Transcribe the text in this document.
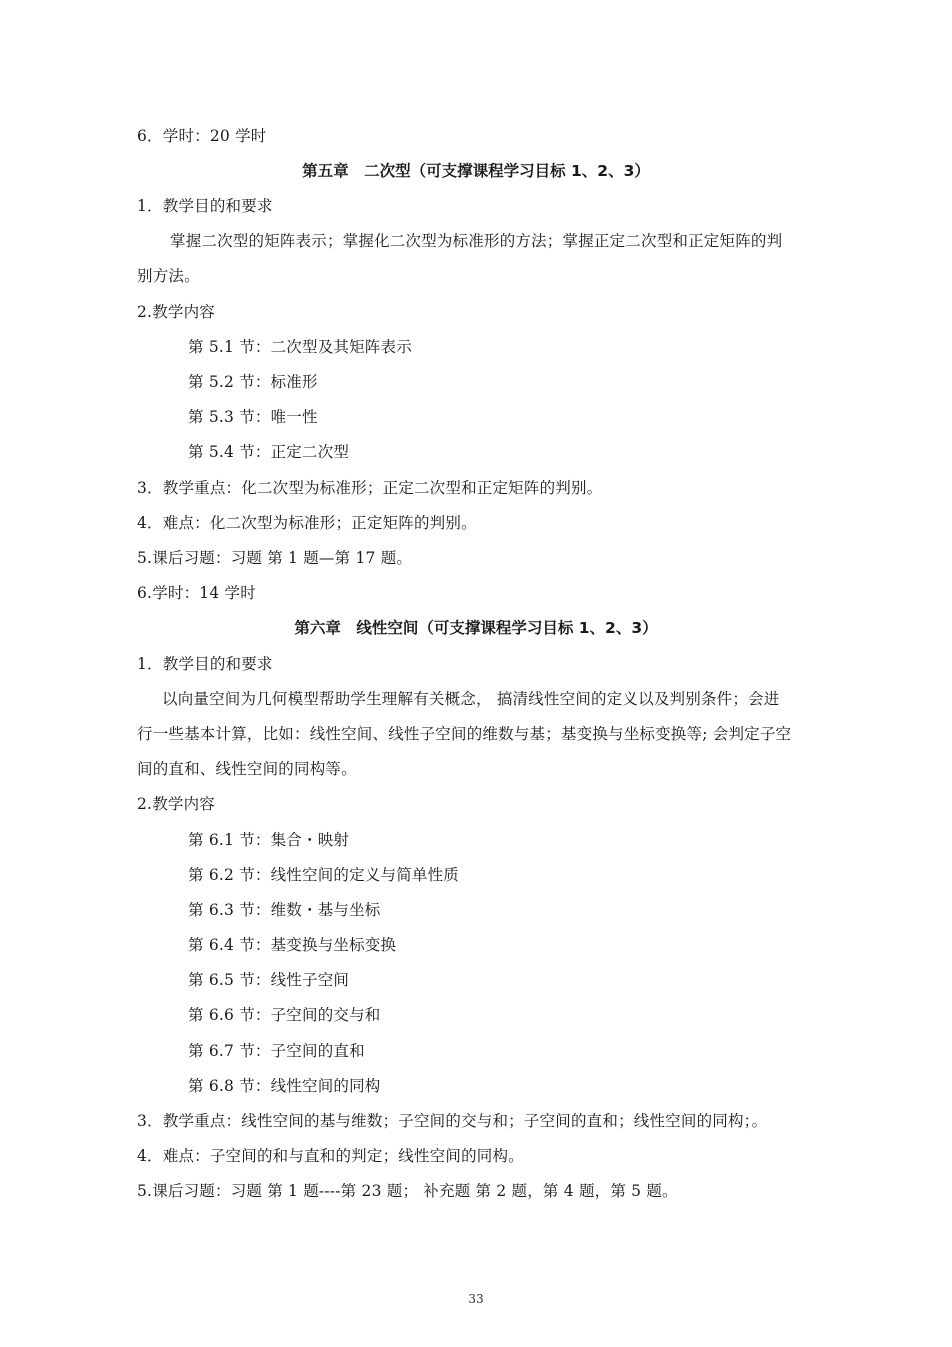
6．学时：20 学时
第五章　二次型（可支撑课程学习目标 1、2、3）
1．教学目的和要求
掌握二次型的矩阵表示；掌握化二次型为标准形的方法；掌握正定二次型和正定矩阵的判
别方法。
2.教学内容
第 5.1 节：二次型及其矩阵表示
第 5.2 节：标准形
第 5.3 节：唯一性
第 5.4 节：正定二次型
3．教学重点：化二次型为标准形；正定二次型和正定矩阵的判别。
4．难点：化二次型为标准形；正定矩阵的判别。
5.课后习题：习题 第 1 题—第 17 题。
6.学时：14 学时
第六章　线性空间（可支撑课程学习目标 1、2、3）
1．教学目的和要求
以向量空间为几何模型帮助学生理解有关概念， 搞清线性空间的定义以及判别条件；会进
行一些基本计算，比如：线性空间、线性子空间的维数与基；基变换与坐标变换等; 会判定子空
间的直和、线性空间的同构等。
2.教学内容
第 6.1 节：集合・映射
第 6.2 节：线性空间的定义与简单性质
第 6.3 节：维数・基与坐标
第 6.4 节：基变换与坐标变换
第 6.5 节：线性子空间
第 6.6 节：子空间的交与和
第 6.7 节：子空间的直和
第 6.8 节：线性空间的同构
3．教学重点：线性空间的基与维数；子空间的交与和；子空间的直和；线性空间的同构；。
4．难点：子空间的和与直和的判定；线性空间的同构。
5.课后习题：习题 第 1 题----第 23 题； 补充题 第 2 题，第 4 题，第 5 题。
33
